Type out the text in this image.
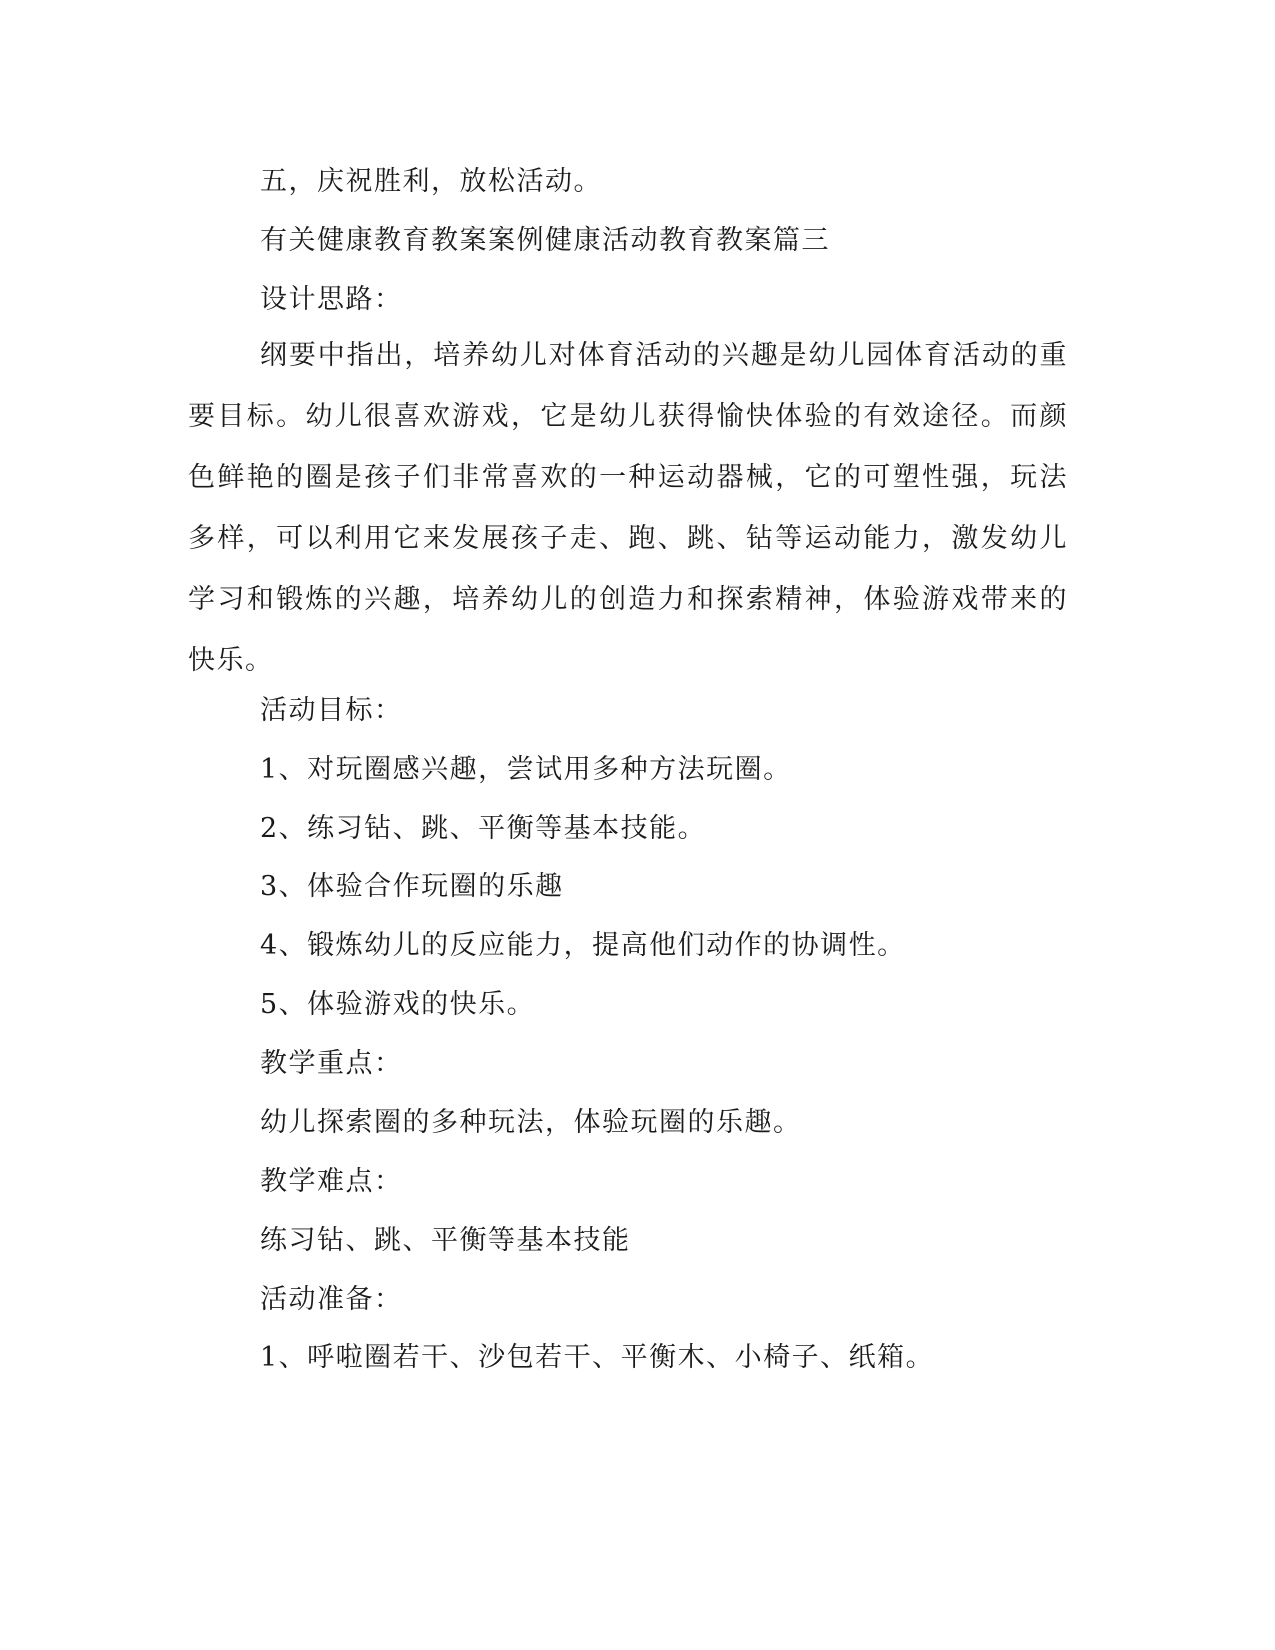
五，庆祝胜利，放松活动。
有关健康教育教案案例健康活动教育教案篇三
设计思路：
纲要中指出，培养幼儿对体育活动的兴趣是幼儿园体育活动的重要目标。幼儿很喜欢游戏，它是幼儿获得愉快体验的有效途径。而颜色鲜艳的圈是孩子们非常喜欢的一种运动器械，它的可塑性强，玩法多样，可以利用它来发展孩子走、跑、跳、钻等运动能力，激发幼儿学习和锻炼的兴趣，培养幼儿的创造力和探索精神，体验游戏带来的快乐。
活动目标：
1、对玩圈感兴趣，尝试用多种方法玩圈。
2、练习钻、跳、平衡等基本技能。
3、体验合作玩圈的乐趣
4、锻炼幼儿的反应能力，提高他们动作的协调性。
5、体验游戏的快乐。
教学重点：
幼儿探索圈的多种玩法，体验玩圈的乐趣。
教学难点：
练习钻、跳、平衡等基本技能
活动准备：
1、呼啦圈若干、沙包若干、平衡木、小椅子、纸箱。
